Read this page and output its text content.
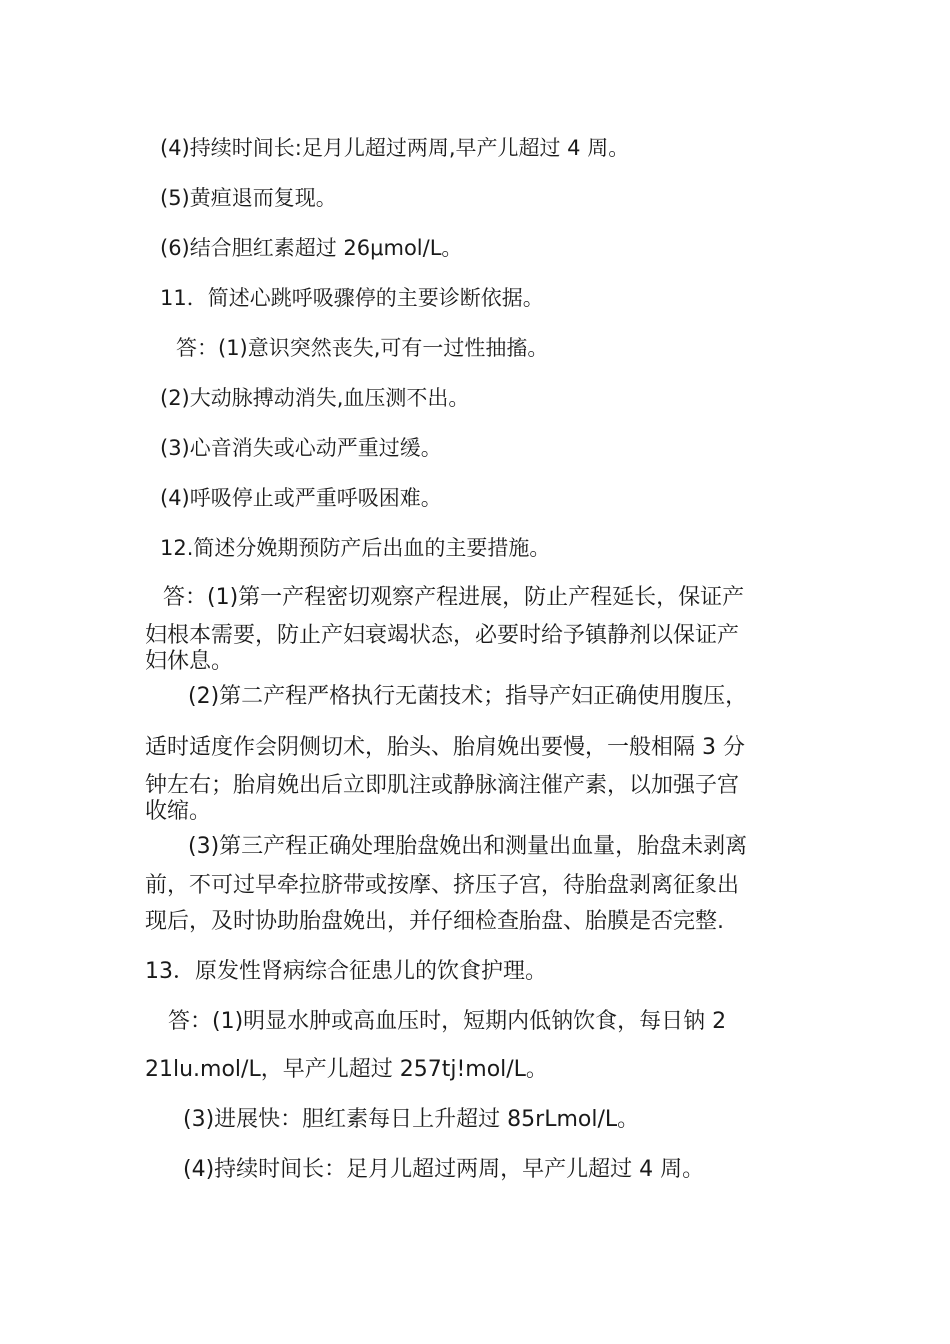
(4)持续时间长:足月儿超过两周,早产儿超过 4 周。

(5)黄疸退而复现。

(6)结合胆红素超过 26μmol/L。

11．简述心跳呼吸骤停的主要诊断依据。

答：(1)意识突然丧失,可有一过性抽搐。

(2)大动脉搏动消失,血压测不出。

(3)心音消失或心动严重过缓。

(4)呼吸停止或严重呼吸困难。

12.简述分娩期预防产后出血的主要措施。

答：(1)第一产程密切观察产程进展，防止产程延长，保证产

妇根本需要，防止产妇衰竭状态，必要时给予镇静剂以保证产

妇休息。

(2)第二产程严格执行无菌技术；指导产妇正确使用腹压，

适时适度作会阴侧切术，胎头、胎肩娩出要慢，一般相隔 3 分

钟左右；胎肩娩出后立即肌注或静脉滴注催产素，以加强子宫

收缩。

(3)第三产程正确处理胎盘娩出和测量出血量，胎盘未剥离

前，不可过早牵拉脐带或按摩、挤压子宫，待胎盘剥离征象出

现后，及时协助胎盘娩出，并仔细检查胎盘、胎膜是否完整.

13．原发性肾病综合征患儿的饮食护理。

答：(1)明显水肿或高血压时，短期内低钠饮食，每日钠 2

21lu.mol/L，早产儿超过 257tj!mol/L。

(3)进展快：胆红素每日上升超过 85rLmol/L。

(4)持续时间长：足月儿超过两周，早产儿超过 4 周。
